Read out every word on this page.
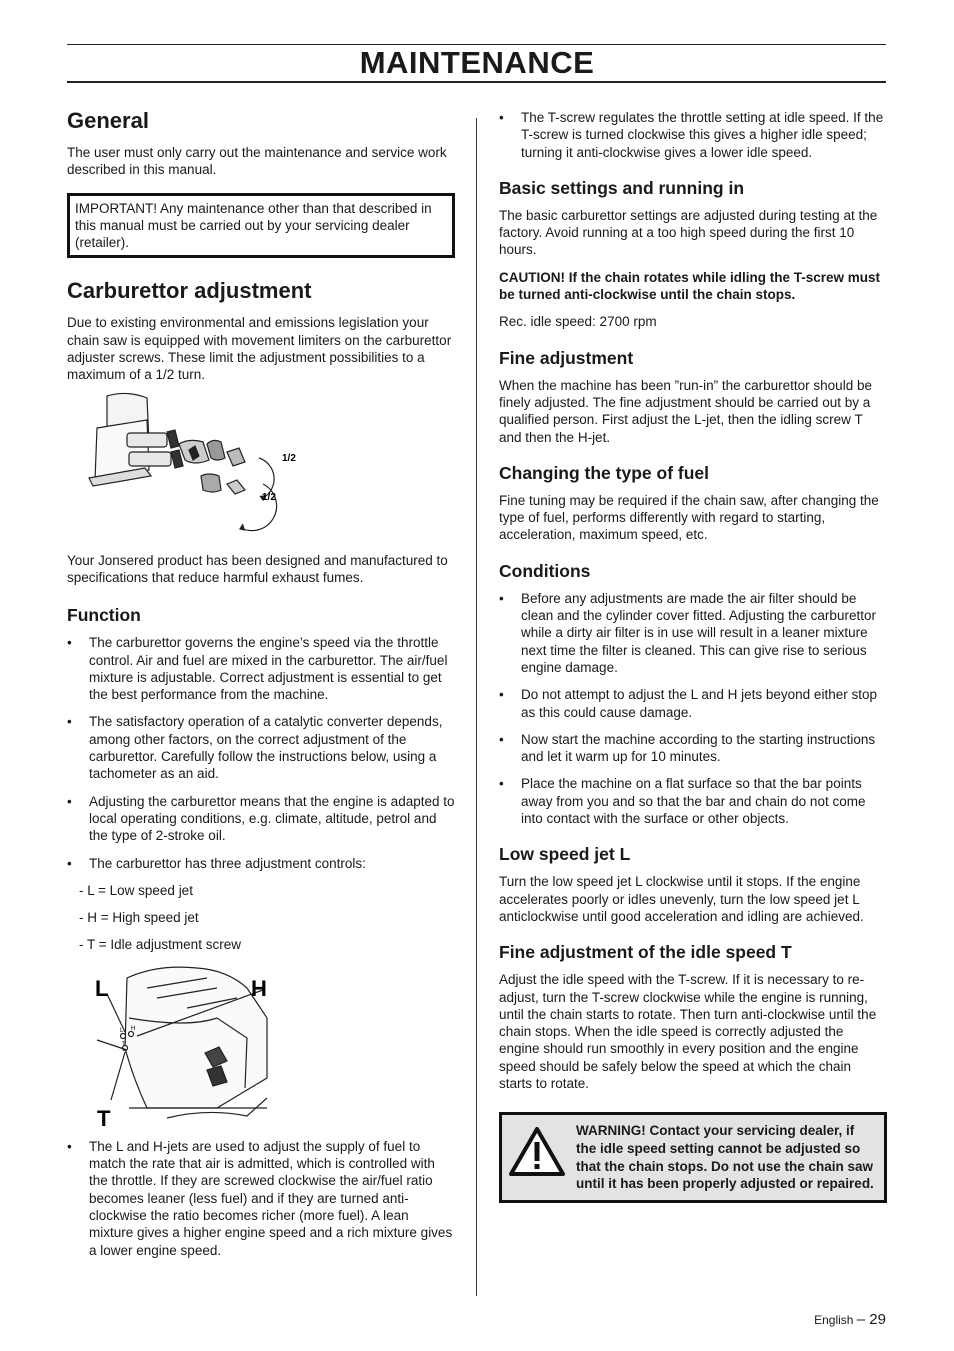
MAINTENANCE
General

The user must only carry out the maintenance and service work described in this manual.

IMPORTANT! Any maintenance other than that described in this manual must be carried out by your servicing dealer (retailer).

Carburettor adjustment

Due to existing environmental and emissions legislation your chain saw is equipped with movement limiters on the carburettor adjuster screws. These limit the adjustment possibilities to a maximum of a 1/2 turn.

1/2
1/2

Your Jonsered product has been designed and manufactured to specifications that reduce harmful exhaust fumes.

Function
• The carburettor governs the engine’s speed via the throttle control. Air and fuel are mixed in the carburettor. The air/fuel mixture is adjustable. Correct adjustment is essential to get the best performance from the machine.
• The satisfactory operation of a catalytic converter depends, among other factors, on the correct adjustment of the carburettor. Carefully follow the instructions below, using a tachometer as an aid.
• Adjusting the carburettor means that the engine is adapted to local operating conditions, e.g. climate, altitude, petrol and the type of 2-stroke oil.
• The carburettor has three adjustment controls:
- L = Low speed jet
- H = High speed jet
- T = Idle adjustment screw
L	H
T
L H
T
• The L and H-jets are used to adjust the supply of fuel to match the rate that air is admitted, which is controlled with the throttle. If they are screwed clockwise the air/fuel ratio becomes leaner (less fuel) and if they are turned anti-clockwise the ratio becomes richer (more fuel). A lean mixture gives a higher engine speed and a rich mixture gives a lower engine speed.
• The T-screw regulates the throttle setting at idle speed. If the T-screw is turned clockwise this gives a higher idle speed; turning it anti-clockwise gives a lower idle speed.
Basic settings and running in

The basic carburettor settings are adjusted during testing at the factory. Avoid running at a too high speed during the first 10 hours.

CAUTION! If the chain rotates while idling the T-screw must be turned anti-clockwise until the chain stops.

Rec. idle speed: 2700 rpm

Fine adjustment

When the machine has been ”run-in” the carburettor should be finely adjusted. The fine adjustment should be carried out by a qualified person. First adjust the L-jet, then the idling screw T and then the H-jet.

Changing the type of fuel

Fine tuning may be required if the chain saw, after changing the type of fuel, performs differently with regard to starting, acceleration, maximum speed, etc.

Conditions
• Before any adjustments are made the air filter should be clean and the cylinder cover fitted. Adjusting the carburettor while a dirty air filter is in use will result in a leaner mixture next time the filter is cleaned. This can give rise to serious engine damage.
• Do not attempt to adjust the L and H jets beyond either stop as this could cause damage.
• Now start the machine according to the starting instructions and let it warm up for 10 minutes.
• Place the machine on a flat surface so that the bar points away from you and so that the bar and chain do not come into contact with the surface or other objects.
Low speed jet L

Turn the low speed jet L clockwise until it stops. If the engine accelerates poorly or idles unevenly, turn the low speed jet L anticlockwise until good acceleration and idling are achieved.

Fine adjustment of the idle speed T

Adjust the idle speed with the T-screw. If it is necessary to re-adjust, turn the T-screw clockwise while the engine is running, until the chain starts to rotate. Then turn anti-clockwise until the chain stops. When the idle speed is correctly adjusted the engine should run smoothly in every position and the engine speed should be safely below the speed at which the chain starts to rotate.

WARNING! Contact your servicing dealer, if the idle speed setting cannot be adjusted so that the chain stops. Do not use the chain saw until it has been properly adjusted or repaired.
English – 29
